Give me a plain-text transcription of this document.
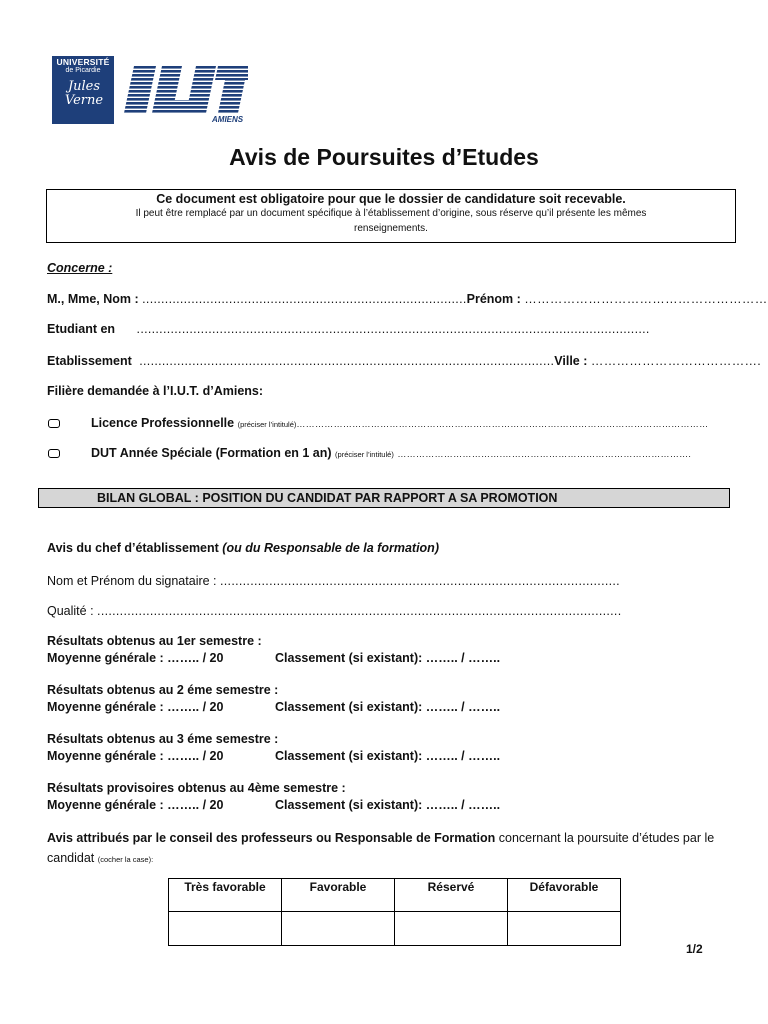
UNIVERSITÉ
de Picardie
Jules Verne
AMIENS
Avis de Poursuites d’Etudes
Ce document est obligatoire pour que le dossier de candidature soit recevable.
Il peut être remplacé par un document spécifique à l’établissement d’origine, sous réserve qu’il présente les mêmes renseignements.
Concerne :
M., Mme, Nom : ......................................................................................Prénom : …………………………………………………
Etudiant en ........................................................................................................................................
Etablissement ..............................................................................................................Ville : ………………………………….
Filière demandée à l’I.U.T. d’Amiens:
Licence Professionnelle (préciser l’intitulé)………………………………………………………………………….…………………………………………
DUT Année Spéciale (Formation en 1 an) (préciser l’intitulé) …………………………….…………………………………………………….
BILAN GLOBAL : POSITION DU CANDIDAT PAR RAPPORT A SA PROMOTION
Avis du chef d’établissement (ou du Responsable de la formation)
Nom et Prénom du signataire : ..........................................................................................................
Qualité : ...........................................................................................................................................
Résultats obtenus au 1er semestre :
Moyenne générale : …….. / 20	Classement (si existant): …….. / ……..
Résultats obtenus au 2 éme semestre :
Moyenne générale : …….. / 20	Classement (si existant): …….. / ……..
Résultats obtenus au 3 éme semestre :
Moyenne générale : …….. / 20	Classement (si existant): …….. / ……..
Résultats provisoires obtenus au 4ème semestre :
Moyenne générale : …….. / 20	Classement (si existant): …….. / ……..
Avis attribués par le conseil des professeurs ou Responsable de Formation concernant la poursuite d’études par le candidat (cocher la case):
Très favorable	Favorable	Réservé	Défavorable

1/2
